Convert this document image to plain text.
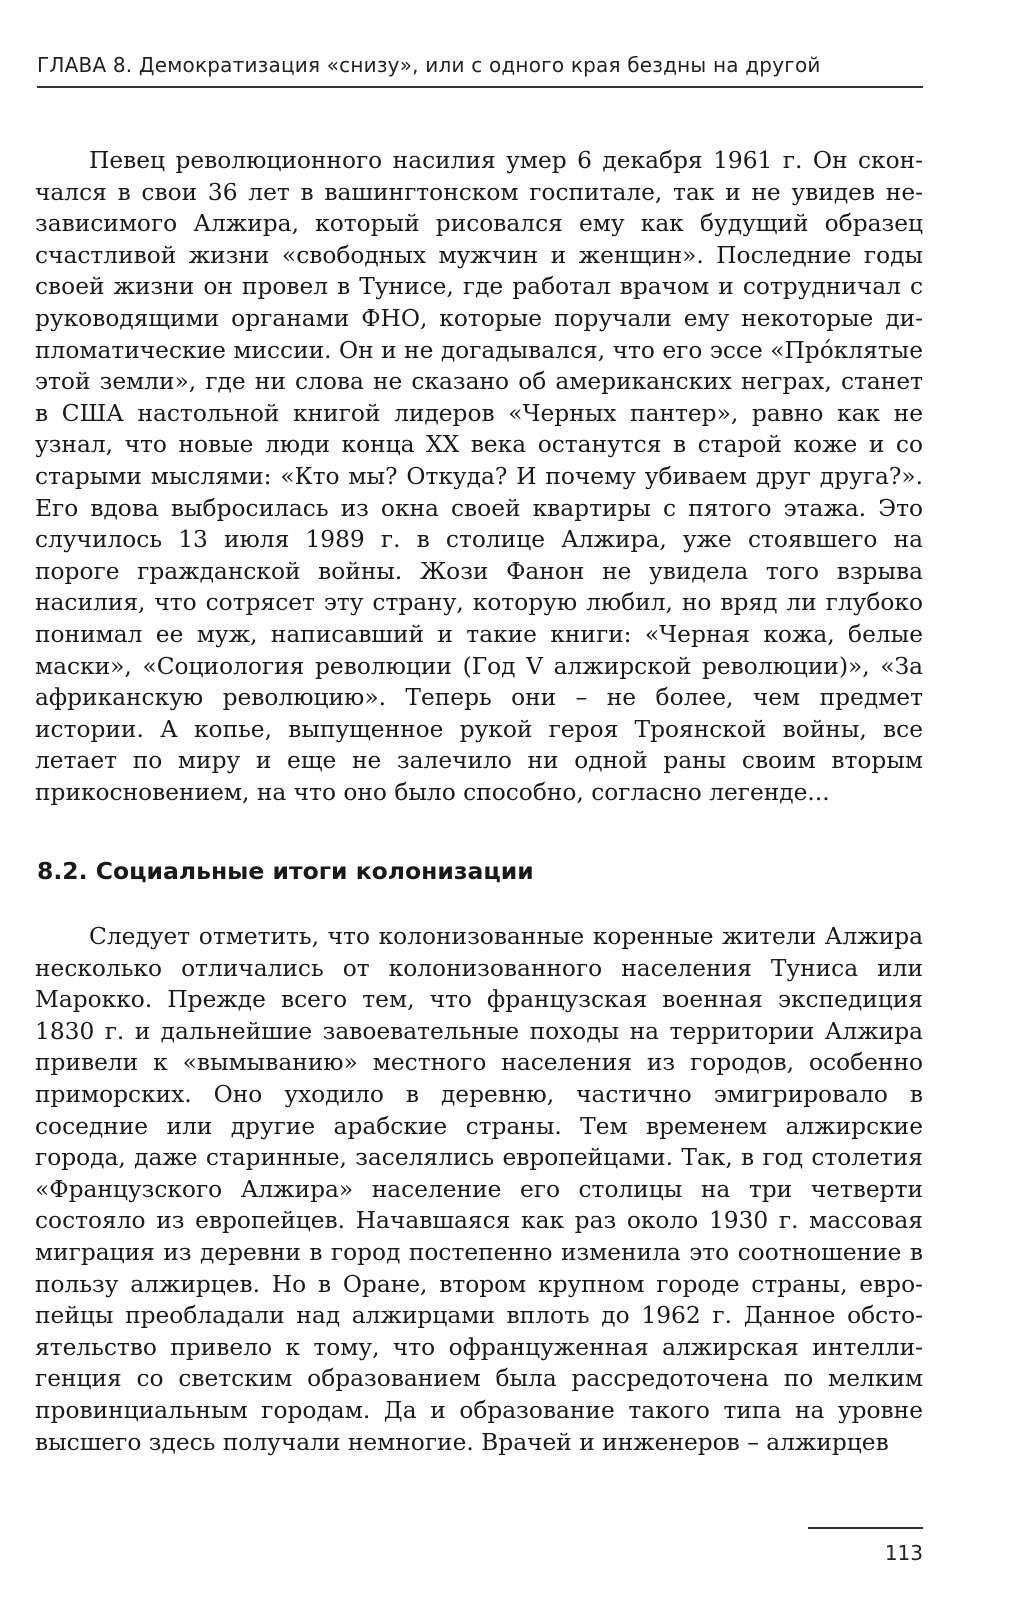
ГЛАВА 8. Демократизация «снизу», или с одного края бездны на другой

Певец революционного насилия умер 6 декабря 1961 г. Он скончался в свои 36 лет в вашингтонском госпитале, так и не увидев независимого Алжира, который рисовался ему как будущий образец счастливой жизни «свободных мужчин и женщин». Последние годы своей жизни он провел в Тунисе, где работал врачом и сотрудничал с руководящими органами ФНО, которые поручали ему некоторые дипломатические миссии. Он и не догадывался, что его эссе «Про́клятые этой земли», где ни слова не сказано об американских неграх, станет в США настольной книгой лидеров «Черных пантер», равно как не узнал, что новые люди конца XX века останутся в старой коже и со старыми мыслями: «Кто мы? Откуда? И почему убиваем друг друга?». Его вдова выбросилась из окна своей квартиры с пятого этажа. Это случилось 13 июля 1989 г. в столице Алжира, уже стоявшего на пороге гражданской войны. Жози Фанон не увидела того взрыва насилия, что сотрясет эту страну, которую любил, но вряд ли глубоко понимал ее муж, написавший и такие книги: «Черная кожа, белые маски», «Социология революции (Год V алжирской революции)», «За африканскую революцию». Теперь они – не более, чем предмет истории. А копье, выпущенное рукой героя Троянской войны, все летает по миру и еще не залечило ни одной раны своим вторым прикосновением, на что оно было способно, согласно легенде...

8.2. Социальные итоги колонизации

Следует отметить, что колонизованные коренные жители Алжира несколько отличались от колонизованного населения Туниса или Марокко. Прежде всего тем, что французская военная экспедиция 1830 г. и дальнейшие завоевательные походы на территории Алжира привели к «вымыванию» местного населения из городов, особенно приморских. Оно уходило в деревню, частично эмигрировало в соседние или другие арабские страны. Тем временем алжирские города, даже старинные, заселялись европейцами. Так, в год столетия «Французского Алжира» население его столицы на три четверти состояло из европейцев. Начавшаяся как раз около 1930 г. массовая миграция из деревни в город постепенно изменила это соотношение в пользу алжирцев. Но в Оране, втором крупном городе страны, европейцы преобладали над алжирцами вплоть до 1962 г. Данное обстоятельство привело к тому, что офранцуженная алжирская интеллигенция со светским образованием была рассредоточена по мелким провинциальным городам. Да и образование такого типа на уровне высшего здесь получали немногие. Врачей и инженеров – алжирцев

113
